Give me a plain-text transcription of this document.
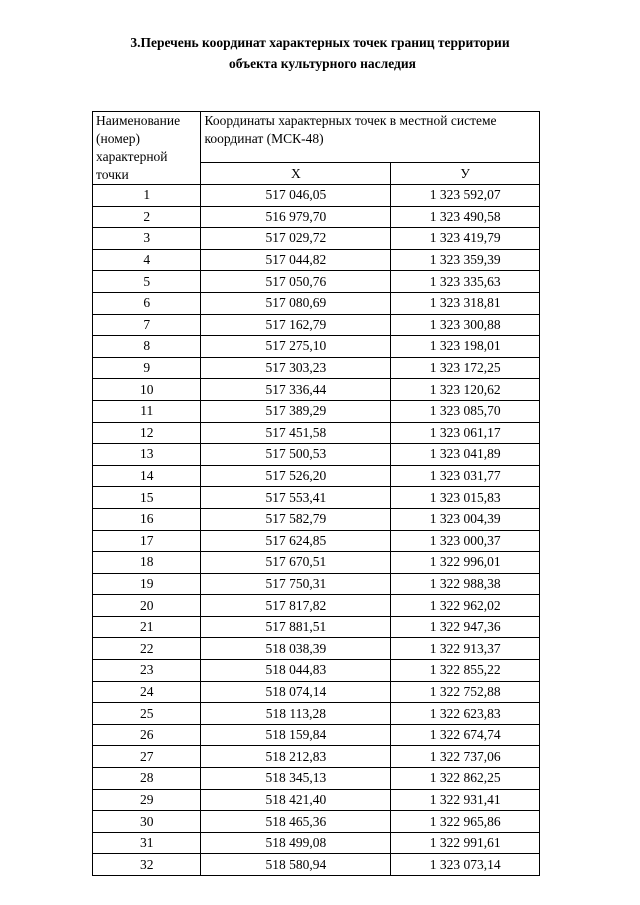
3.Перечень координат характерных точек границ территории
объекта культурного наследия
Наименование (номер) характерной точки	Координаты характерных точек в местной системе координат (МСК-48)	
	Х	У
1	517 046,05	1 323 592,07
2	516 979,70	1 323 490,58
3	517 029,72	1 323 419,79
4	517 044,82	1 323 359,39
5	517 050,76	1 323 335,63
6	517 080,69	1 323 318,81
7	517 162,79	1 323 300,88
8	517 275,10	1 323 198,01
9	517 303,23	1 323 172,25
10	517 336,44	1 323 120,62
11	517 389,29	1 323 085,70
12	517 451,58	1 323 061,17
13	517 500,53	1 323 041,89
14	517 526,20	1 323 031,77
15	517 553,41	1 323 015,83
16	517 582,79	1 323 004,39
17	517 624,85	1 323 000,37
18	517 670,51	1 322 996,01
19	517 750,31	1 322 988,38
20	517 817,82	1 322 962,02
21	517 881,51	1 322 947,36
22	518 038,39	1 322 913,37
23	518 044,83	1 322 855,22
24	518 074,14	1 322 752,88
25	518 113,28	1 322 623,83
26	518 159,84	1 322 674,74
27	518 212,83	1 322 737,06
28	518 345,13	1 322 862,25
29	518 421,40	1 322 931,41
30	518 465,36	1 322 965,86
31	518 499,08	1 322 991,61
32	518 580,94	1 323 073,14
